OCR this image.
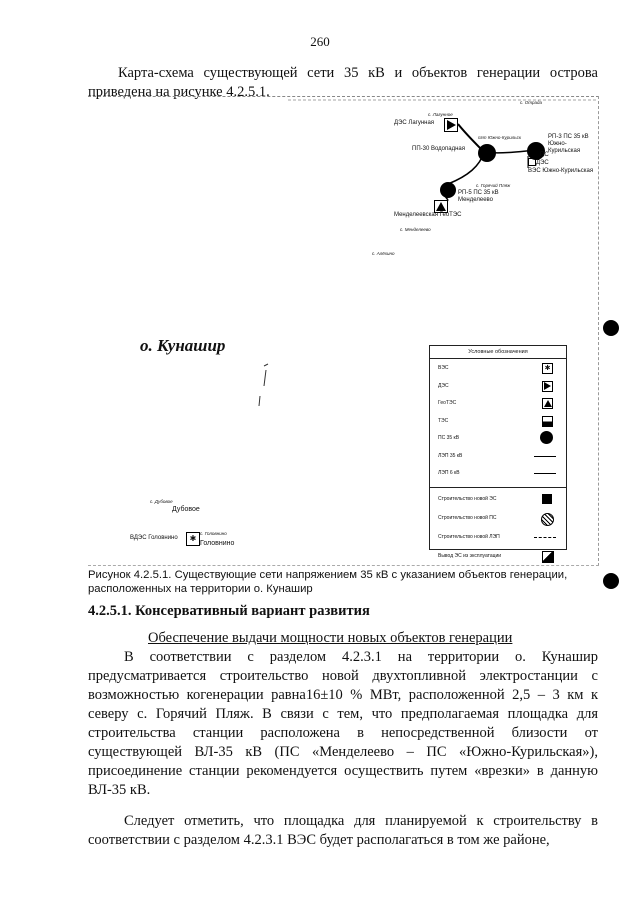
260
Карта-схема существующей сети 35 кВ и объектов генерации острова приведена на рисунке 4.2.5.1.
✱
с. Лагунное
с. Отрада
ДЭС Лагунная
пгт Южно-Курильск	РП-3 ПС 35 кВ Южно-Курильская
ПП-30 Водопадная
ПС
ДЭС
ВЭС Южно-Курильская
с. Горячий Пляж
РП-5 ПС 35 кВ Менделеево
Менделеевская ГеоТЭС
с. Менделеево
с. Алёхино
о. Кунашир
с. Дубовое
Дубовое
ВДЭС Головнино
с. Головнино
Головнино
Условные обозначения
ВЭС	✱
ДЭС
ГеоТЭС
ТЭС
ПС 35 кВ
ЛЭП 35 кВ
ЛЭП 6 кВ
Строительство новой ЭС
Строительство новой ПС
Строительство новой ЛЭП
Вывод ЭС из эксплуатации
Рисунок 4.2.5.1. Существующие сети напряжением 35 кВ с указанием объектов генерации, расположенных на территории о. Кунашир
4.2.5.1. Консервативный вариант развития
Обеспечение выдачи мощности новых объектов генерации
В соответствии с разделом 4.2.3.1 на территории о. Кунашир предусматривается строительство новой двухтопливной электростанции с возможностью когенерации равна16±10 % МВт, расположенной 2,5 – 3 км к северу с. Горячий Пляж. В связи с тем, что предполагаемая площадка для строительства станции расположена в непосредственной близости от существующей ВЛ-35 кВ (ПС «Менделеево – ПС «Южно-Курильская»), присоединение станции рекомендуется осуществить путем «врезки» в данную ВЛ-35 кВ.
Следует отметить, что площадка для планируемой к строительству в соответствии с разделом 4.2.3.1 ВЭС будет располагаться в том же районе,
